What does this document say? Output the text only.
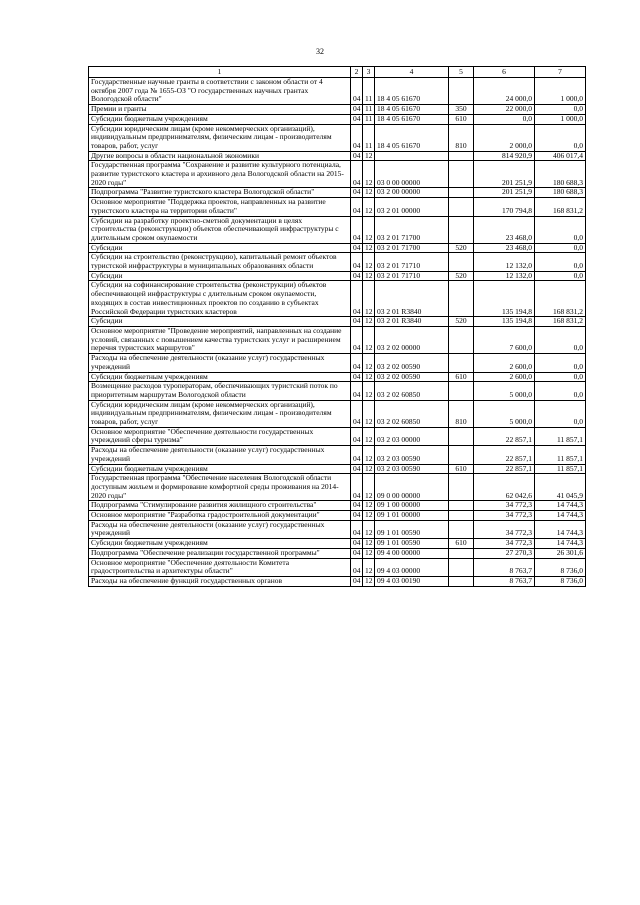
32
1	2	3	4	5	6	7
Государственные научные гранты в соответствии с законом области от 4 октября 2007 года № 1655-ОЗ "О государственных научных грантах Вологодской области"	04	11	18 4 05 61670		24 000,0	1 000,0
Премии и гранты	04	11	18 4 05 61670	350	22 000,0	0,0
Субсидии бюджетным учреждениям	04	11	18 4 05 61670	610	0,0	1 000,0
Субсидии юридическим лицам (кроме некоммерческих организаций), индивидуальным предпринимателям, физическим лицам - производителям товаров, работ, услуг	04	11	18 4 05 61670	810	2 000,0	0,0
Другие вопросы в области национальной экономики	04	12			814 920,9	406 017,4
Государственная программа "Сохранение и развитие культурного потенциала, развитие туристского кластера и архивного дела Вологодской области на 2015-2020 годы"	04	12	03 0 00 00000		201 251,9	180 688,3
Подпрограмма "Развитие туристского кластера Вологодской области"	04	12	03 2 00 00000		201 251,9	180 688,3
Основное мероприятие "Поддержка проектов, направленных на развитие туристского кластера на территории области"	04	12	03 2 01 00000		170 794,8	168 831,2
Субсидии на разработку проектно-сметной документации в целях строительства (реконструкции) объектов обеспечивающей инфраструктуры с длительным сроком окупаемости	04	12	03 2 01 71700		23 468,0	0,0
Субсидии	04	12	03 2 01 71700	520	23 468,0	0,0
Субсидии на строительство (реконструкцию), капитальный ремонт объектов туристской инфраструктуры в муниципальных образованиях области	04	12	03 2 01 71710		12 132,0	0,0
Субсидии	04	12	03 2 01 71710	520	12 132,0	0,0
Субсидии на софинансирование строительства (реконструкции) объектов обеспечивающей инфраструктуры с длительным сроком окупаемости, входящих в состав инвестиционных проектов по созданию в субъектах Российской Федерации туристских кластеров	04	12	03 2 01 R3840		135 194,8	168 831,2
Субсидии	04	12	03 2 01 R3840	520	135 194,8	168 831,2
Основное мероприятие "Проведение мероприятий, направленных на создание условий, связанных с повышением качества туристских услуг и расширением перечня туристских маршрутов"	04	12	03 2 02 00000		7 600,0	0,0
Расходы на обеспечение деятельности (оказание услуг) государственных учреждений	04	12	03 2 02 00590		2 600,0	0,0
Субсидии бюджетным учреждениям	04	12	03 2 02 00590	610	2 600,0	0,0
Возмещение расходов туроператорам, обеспечивающих туристский поток по приоритетным маршрутам Вологодской области	04	12	03 2 02 60850		5 000,0	0,0
Субсидии юридическим лицам (кроме некоммерческих организаций), индивидуальным предпринимателям, физическим лицам - производителям товаров, работ, услуг	04	12	03 2 02 60850	810	5 000,0	0,0
Основное мероприятие "Обеспечение деятельности государственных учреждений сферы туризма"	04	12	03 2 03 00000		22 857,1	11 857,1
Расходы на обеспечение деятельности (оказание услуг) государственных учреждений	04	12	03 2 03 00590		22 857,1	11 857,1
Субсидии бюджетным учреждениям	04	12	03 2 03 00590	610	22 857,1	11 857,1
Государственная программа "Обеспечение населения Вологодской области доступным жильем и формирование комфортной среды проживания на 2014-2020 годы"	04	12	09 0 00 00000		62 042,6	41 045,9
Подпрограмма "Стимулирование развития жилищного строительства"	04	12	09 1 00 00000		34 772,3	14 744,3
Основное мероприятие "Разработка градостроительной документации"	04	12	09 1 01 00000		34 772,3	14 744,3
Расходы на обеспечение деятельности (оказание услуг) государственных учреждений	04	12	09 1 01 00590		34 772,3	14 744,3
Субсидии бюджетным учреждениям	04	12	09 1 01 00590	610	34 772,3	14 744,3
Подпрограмма "Обеспечение реализации государственной программы"	04	12	09 4 00 00000		27 270,3	26 301,6
Основное мероприятие "Обеспечение деятельности Комитета градостроительства и архитектуры области"	04	12	09 4 03 00000		8 763,7	8 736,0
Расходы на обеспечение функций государственных органов	04	12	09 4 03 00190		8 763,7	8 736,0
